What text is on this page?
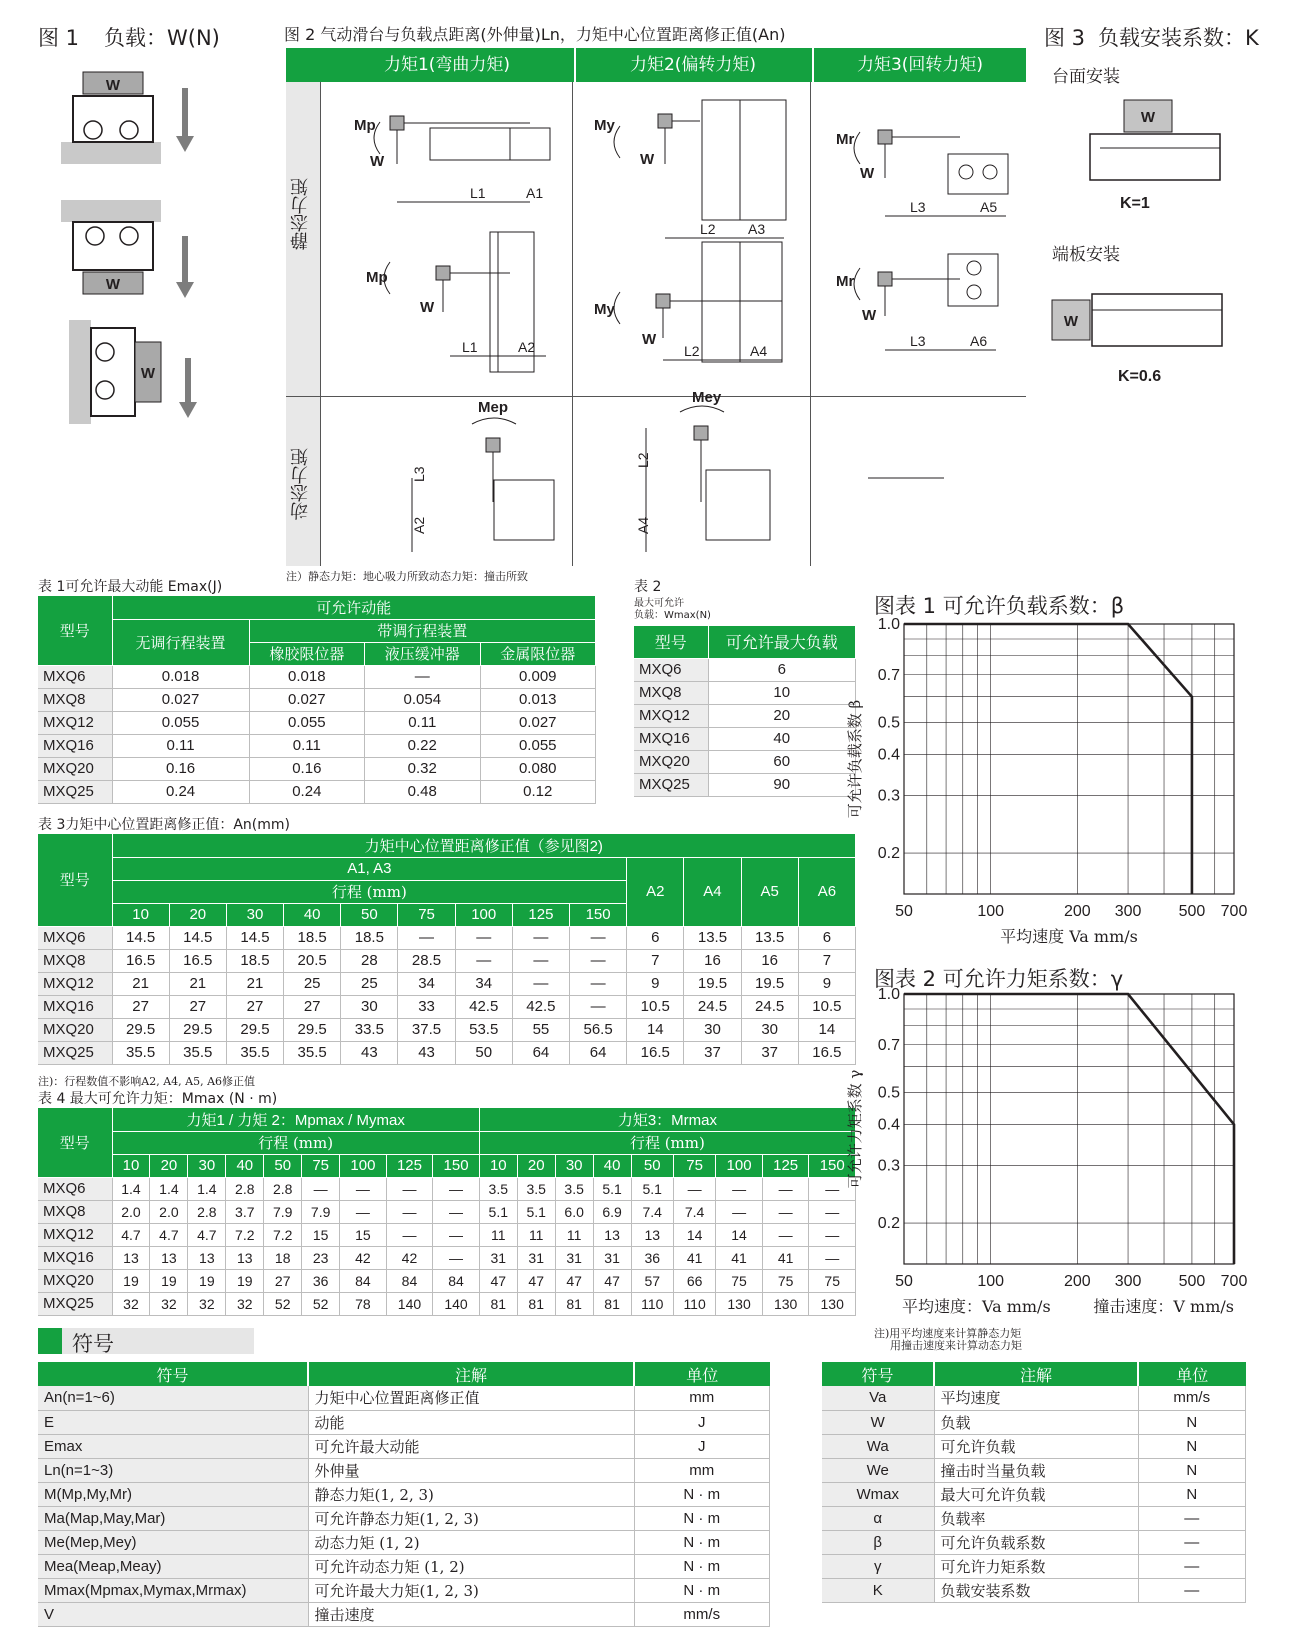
图 1 负载：W(N)
W
W
W
图 2 气动滑台与负载点距离(外伸量)Ln，力矩中心位置距离修正值(An)
力矩1(弯曲力矩)	力矩2(偏转力矩)	力矩3(回转力矩)
静态力矩
动态力矩
Mp
W
Mp
W
My
W
My
W
Mr
W
Mr
W
Mep
Mey
L1	A1
L1	A2
L2 A3
L2	A4
L3	A5
L3	A6
L3
A2
L2
A4
注）静态力矩：地心吸力所致动态力矩：撞击所致
图 3 负载安装系数：K
台面安装
W
K=1
端板安装
W
K=0.6
表 1可允许最大动能 Emax(J)
型号	可允许动能			
	无调行程装置	带调行程装置		
		橡胶限位器	液压缓冲器	金属限位器
MXQ6	0.018	0.018	—	0.009
MXQ8	0.027	0.027	0.054	0.013
MXQ12	0.055	0.055	0.11	0.027
MXQ16	0.11	0.11	0.22	0.055
MXQ20	0.16	0.16	0.32	0.080
MXQ25	0.24	0.24	0.48	0.12
表 2
最大可允许
负载：Wmax(N)
型号	可允许最大负载
MXQ6	6
MXQ8	10
MXQ12	20
MXQ16	40
MXQ20	60
MXQ25	90
表 3力矩中心位置距离修正值：An(mm)
型号	力矩中心位置距离修正值（参见图2)												
	A1, A3									A2	A4	A5	A6
	行程 (mm)												
	10	20	30	40	50	75	100	125	150				
MXQ6	14.5	14.5	14.5	18.5	18.5	—	—	—	—	6	13.5	13.5	6
MXQ8	16.5	16.5	18.5	20.5	28	28.5	—	—	—	7	16	16	7
MXQ12	21	21	21	25	25	34	34	—	—	9	19.5	19.5	9
MXQ16	27	27	27	27	30	33	42.5	42.5	—	10.5	24.5	24.5	10.5
MXQ20	29.5	29.5	29.5	29.5	33.5	37.5	53.5	55	56.5	14	30	30	14
MXQ25	35.5	35.5	35.5	35.5	43	43	50	64	64	16.5	37	37	16.5
注)：行程数值不影响A2, A4, A5, A6修正值
表 4 最大可允许力矩：Mmax (N · m)
型号	力矩1 / 力矩 2：Mpmax / Mymax									力矩3：Mrmax								
	行程 (mm)									行程 (mm)								
	10	20	30	40	50	75	100	125	150	10	20	30	40	50	75	100	125	150
MXQ6	1.4	1.4	1.4	2.8	2.8	—	—	—	—	3.5	3.5	3.5	5.1	5.1	—	—	—	—
MXQ8	2.0	2.0	2.8	3.7	7.9	7.9	—	—	—	5.1	5.1	6.0	6.9	7.4	7.4	—	—	—
MXQ12	4.7	4.7	4.7	7.2	7.2	15	15	—	—	11	11	11	13	13	14	14	—	—
MXQ16	13	13	13	13	18	23	42	42	—	31	31	31	31	36	41	41	41	—
MXQ20	19	19	19	19	27	36	84	84	84	47	47	47	47	57	66	75	75	75
MXQ25	32	32	32	32	52	52	78	140	140	81	81	81	81	110	110	130	130	130
图表 1 可允许负载系数：β
50	100	200 300 500 700
1.0
0.7
0.5
0.4
0.3
0.2
可允许负载系数 β
平均速度 Va mm/s
图表 2 可允许力矩系数：γ
50	100	200 300 500 700
1.0
0.7
0.5
0.4
0.3
0.2
可允许力矩系数 γ
平均速度：Va mm/s	撞击速度：V mm/s
注)用平均速度来计算静态力矩
用撞击速度来计算动态力矩
符号
符号	注解	单位
An(n=1~6)	力矩中心位置距离修正值	mm
E	动能	J
Emax	可允许最大动能	J
Ln(n=1~3)	外伸量	mm
M(Mp,My,Mr)	静态力矩(1, 2, 3)	N · m
Ma(Map,May,Mar)	可允许静态力矩(1, 2, 3)	N · m
Me(Mep,Mey)	动态力矩 (1, 2)	N · m
Mea(Meap,Meay)	可允许动态力矩 (1, 2)	N · m
Mmax(Mpmax,Mymax,Mrmax)	可允许最大力矩(1, 2, 3)	N · m
V	撞击速度	mm/s
符号	注解	单位
Va	平均速度	mm/s
W	负载	N
Wa	可允许负载	N
We	撞击时当量负载	N
Wmax	最大可允许负载	N
α	负载率	—
β	可允许负载系数	—
γ	可允许力矩系数	—
K	负载安装系数	—
